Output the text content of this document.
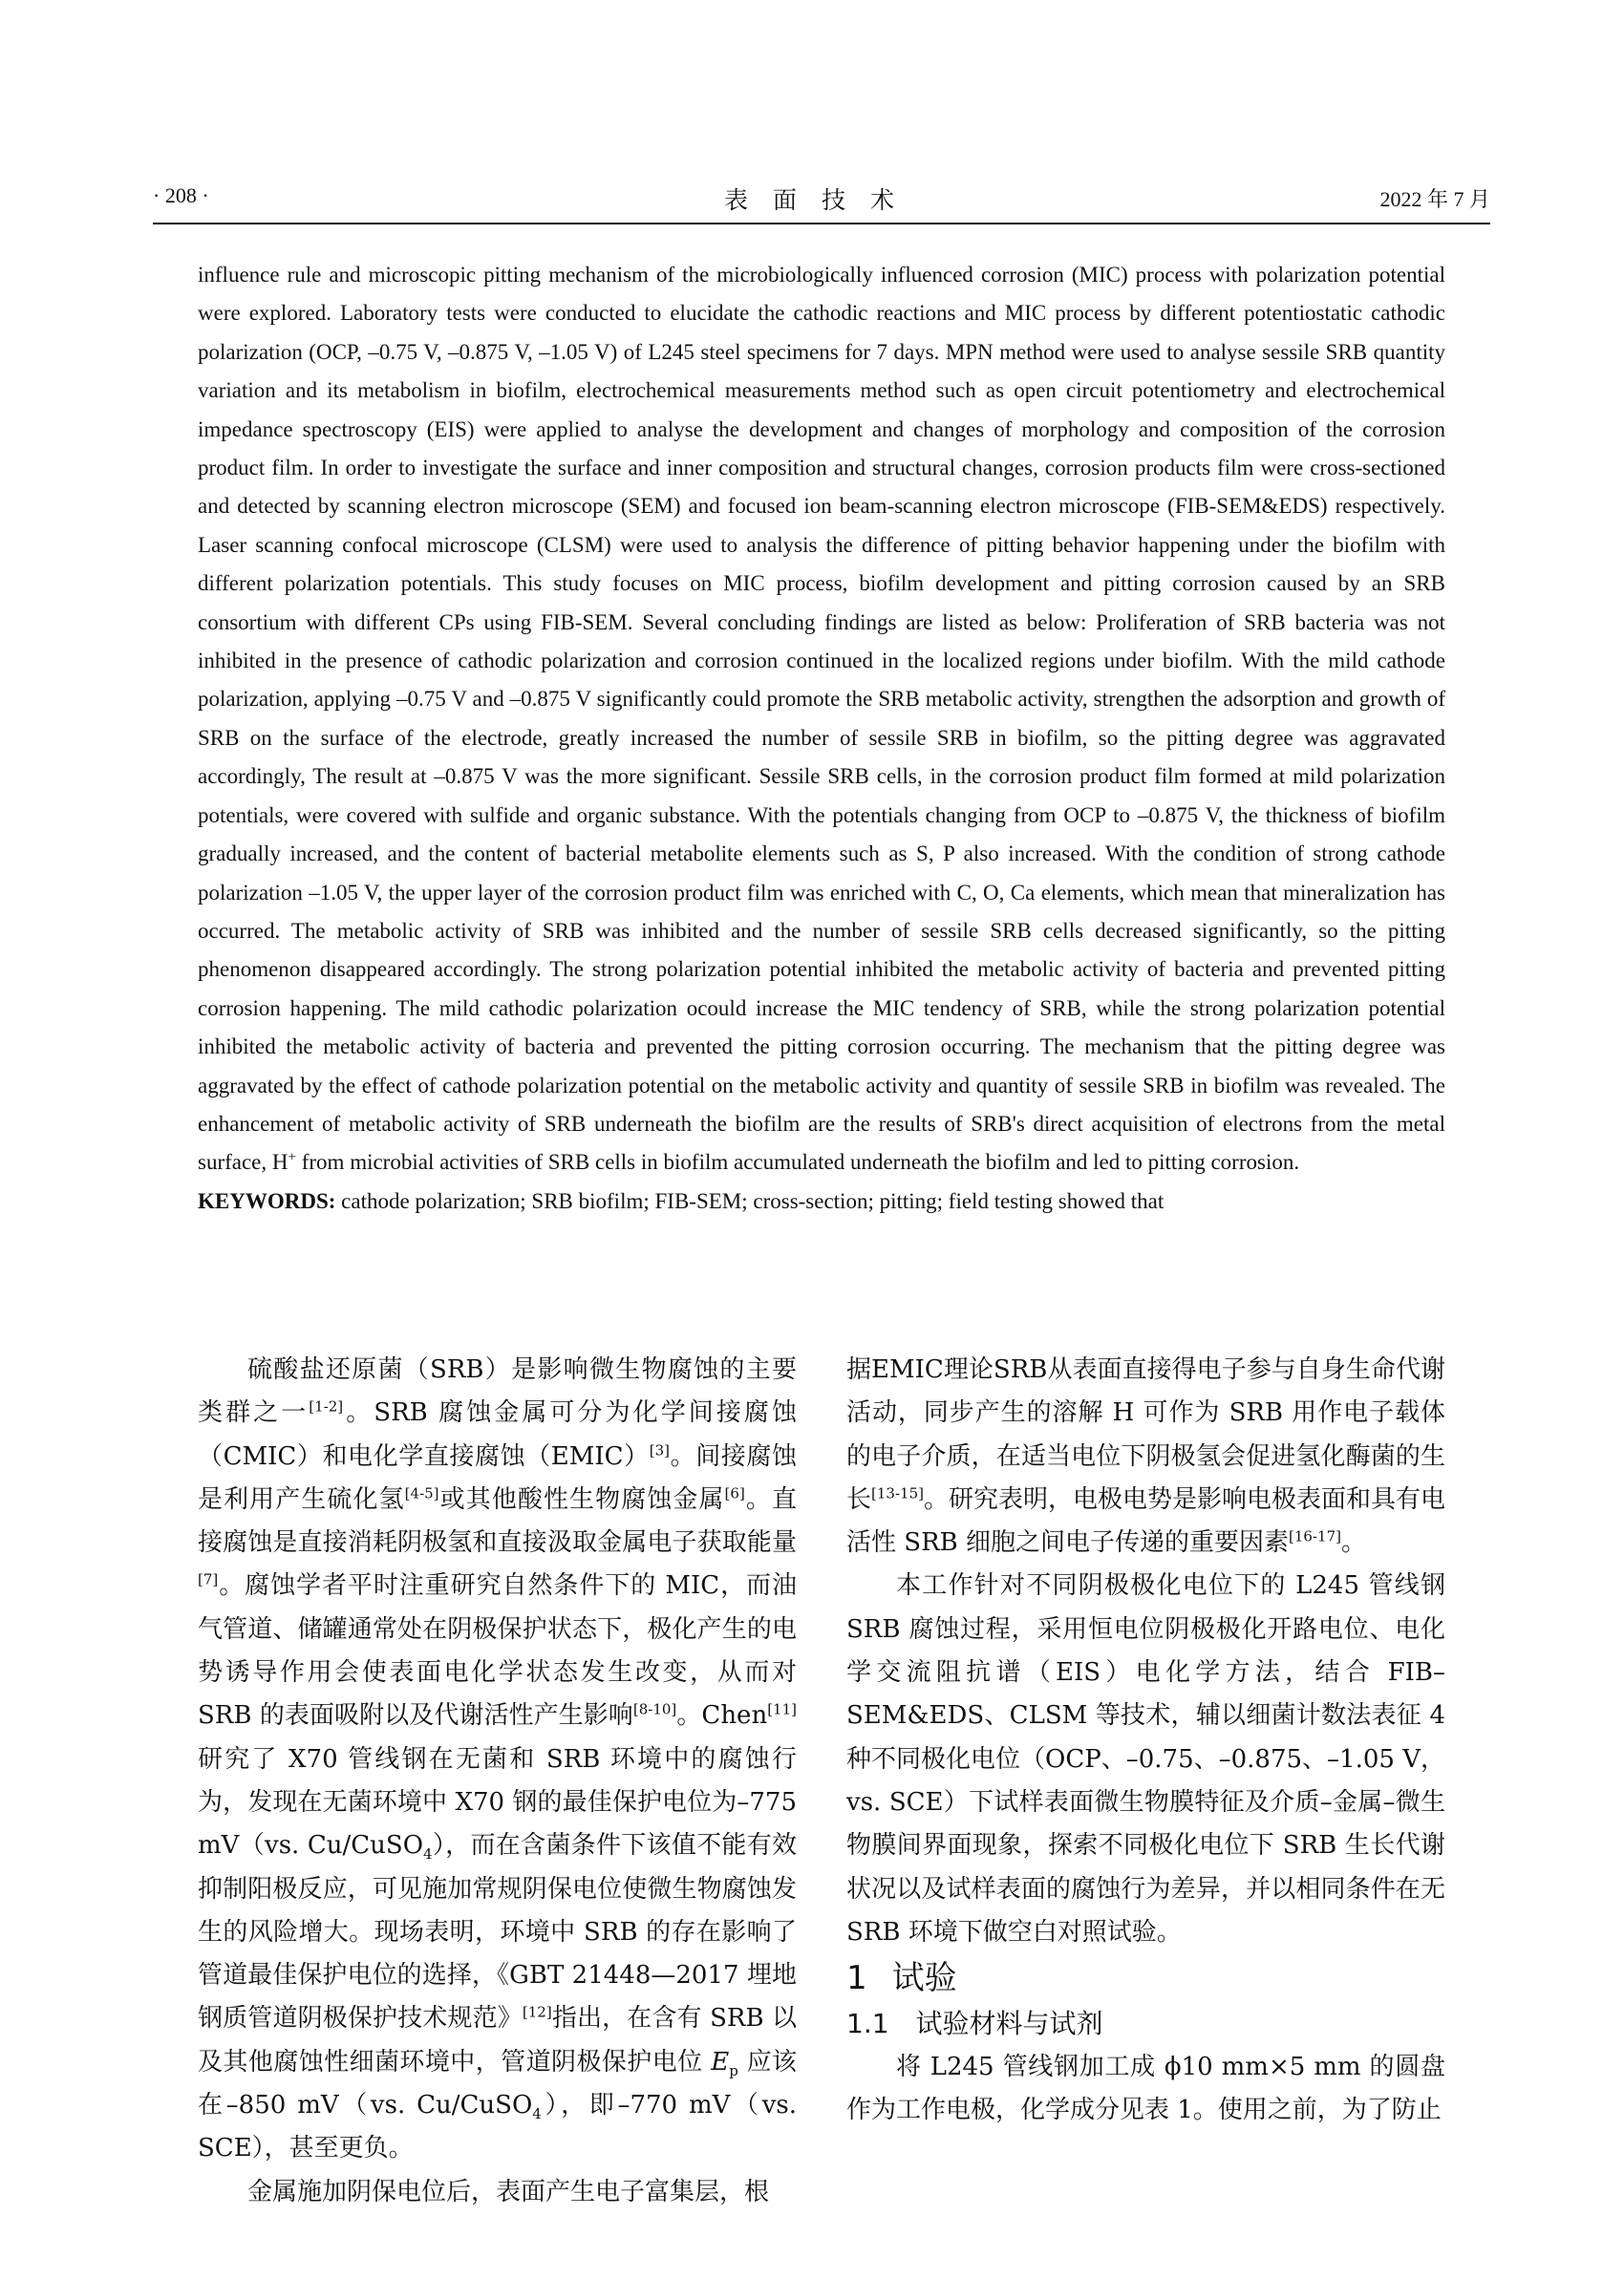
· 208 ·	表面技术	2022 年 7 月

influence rule and microscopic pitting mechanism of the microbiologically influenced corrosion (MIC) process with polarization potential were explored. Laboratory tests were conducted to elucidate the cathodic reactions and MIC process by different potentiostatic cathodic polarization (OCP, –0.75 V, –0.875 V, –1.05 V) of L245 steel specimens for 7 days. MPN method were used to analyse sessile SRB quantity variation and its metabolism in biofilm, electrochemical measurements method such as open circuit potentiometry and electrochemical impedance spectroscopy (EIS) were applied to analyse the development and changes of morphology and composition of the corrosion product film. In order to investigate the surface and inner composition and structural changes, corrosion products film were cross-sectioned and detected by scanning electron microscope (SEM) and focused ion beam-scanning electron microscope (FIB-SEM&EDS) respectively. Laser scanning confocal microscope (CLSM) were used to analysis the difference of pitting behavior happening under the biofilm with different polarization potentials. This study focuses on MIC process, biofilm development and pitting corrosion caused by an SRB consortium with different CPs using FIB-SEM. Several concluding findings are listed as below: Proliferation of SRB bacteria was not inhibited in the presence of cathodic polarization and corrosion continued in the localized regions under biofilm. With the mild cathode polarization, applying –0.75 V and –0.875 V significantly could promote the SRB metabolic activity, strengthen the adsorption and growth of SRB on the surface of the electrode, greatly increased the number of sessile SRB in biofilm, so the pitting degree was aggravated accordingly, The result at –0.875 V was the more significant. Sessile SRB cells, in the corrosion product film formed at mild polarization potentials, were covered with sulfide and organic substance. With the potentials changing from OCP to –0.875 V, the thickness of biofilm gradually increased, and the content of bacterial metabolite elements such as S, P also increased. With the condition of strong cathode polarization –1.05 V, the upper layer of the corrosion product film was enriched with C, O, Ca elements, which mean that mineralization has occurred. The metabolic activity of SRB was inhibited and the number of sessile SRB cells decreased significantly, so the pitting phenomenon disappeared accordingly. The strong polarization potential inhibited the metabolic activity of bacteria and prevented pitting corrosion happening. The mild cathodic polarization ocould increase the MIC tendency of SRB, while the strong polarization potential inhibited the metabolic activity of bacteria and prevented the pitting corrosion occurring. The mechanism that the pitting degree was aggravated by the effect of cathode polarization potential on the metabolic activity and quantity of sessile SRB in biofilm was revealed. The enhancement of metabolic activity of SRB underneath the biofilm are the results of SRB's direct acquisition of electrons from the metal surface, H+ from microbial activities of SRB cells in biofilm accumulated underneath the biofilm and led to pitting corrosion.

KEYWORDS: cathode polarization; SRB biofilm; FIB-SEM; cross-section; pitting; field testing showed that

硫酸盐还原菌（SRB）是影响微生物腐蚀的主要类群之一[1-2]。SRB 腐蚀金属可分为化学间接腐蚀（CMIC）和电化学直接腐蚀（EMIC）[3]。间接腐蚀是利用产生硫化氢[4-5]或其他酸性生物腐蚀金属[6]。直接腐蚀是直接消耗阴极氢和直接汲取金属电子获取能量[7]。腐蚀学者平时注重研究自然条件下的 MIC，而油气管道、储罐通常处在阴极保护状态下，极化产生的电势诱导作用会使表面电化学状态发生改变，从而对 SRB 的表面吸附以及代谢活性产生影响[8-10]。Chen[11]研究了 X70 管线钢在无菌和 SRB 环境中的腐蚀行为，发现在无菌环境中 X70 钢的最佳保护电位为–775 mV（vs. Cu/CuSO$_4$），而在含菌条件下该值不能有效抑制阳极反应，可见施加常规阴保电位使微生物腐蚀发生的风险增大。现场表明，环境中 SRB 的存在影响了管道最佳保护电位的选择，《GBT 21448—2017 埋地钢质管道阴极保护技术规范》[12]指出，在含有 SRB 以及其他腐蚀性细菌环境中，管道阴极保护电位 $E_p$ 应该在–850 mV（vs. Cu/CuSO$_4$），即–770 mV（vs. SCE），甚至更负。

金属施加阴保电位后，表面产生电子富集层，根

据EMIC理论SRB从表面直接得电子参与自身生命代谢活动，同步产生的溶解 H 可作为 SRB 用作电子载体的电子介质，在适当电位下阴极氢会促进氢化酶菌的生长[13-15]。研究表明，电极电势是影响电极表面和具有电活性 SRB 细胞之间电子传递的重要因素[16-17]。

本工作针对不同阴极极化电位下的 L245 管线钢 SRB 腐蚀过程，采用恒电位阴极极化开路电位、电化学交流阻抗谱（EIS）电化学方法，结合 FIB–SEM&EDS、CLSM 等技术，辅以细菌计数法表征 4 种不同极化电位（OCP、–0.75、–0.875、–1.05 V，vs. SCE）下试样表面微生物膜特征及介质–金属–微生物膜间界面现象，探索不同极化电位下 SRB 生长代谢状况以及试样表面的腐蚀行为差异，并以相同条件在无 SRB 环境下做空白对照试验。

1 试验

1.1 试验材料与试剂

将 L245 管线钢加工成 ϕ10 mm×5 mm 的圆盘作为工作电极，化学成分见表 1。使用之前，为了防止
